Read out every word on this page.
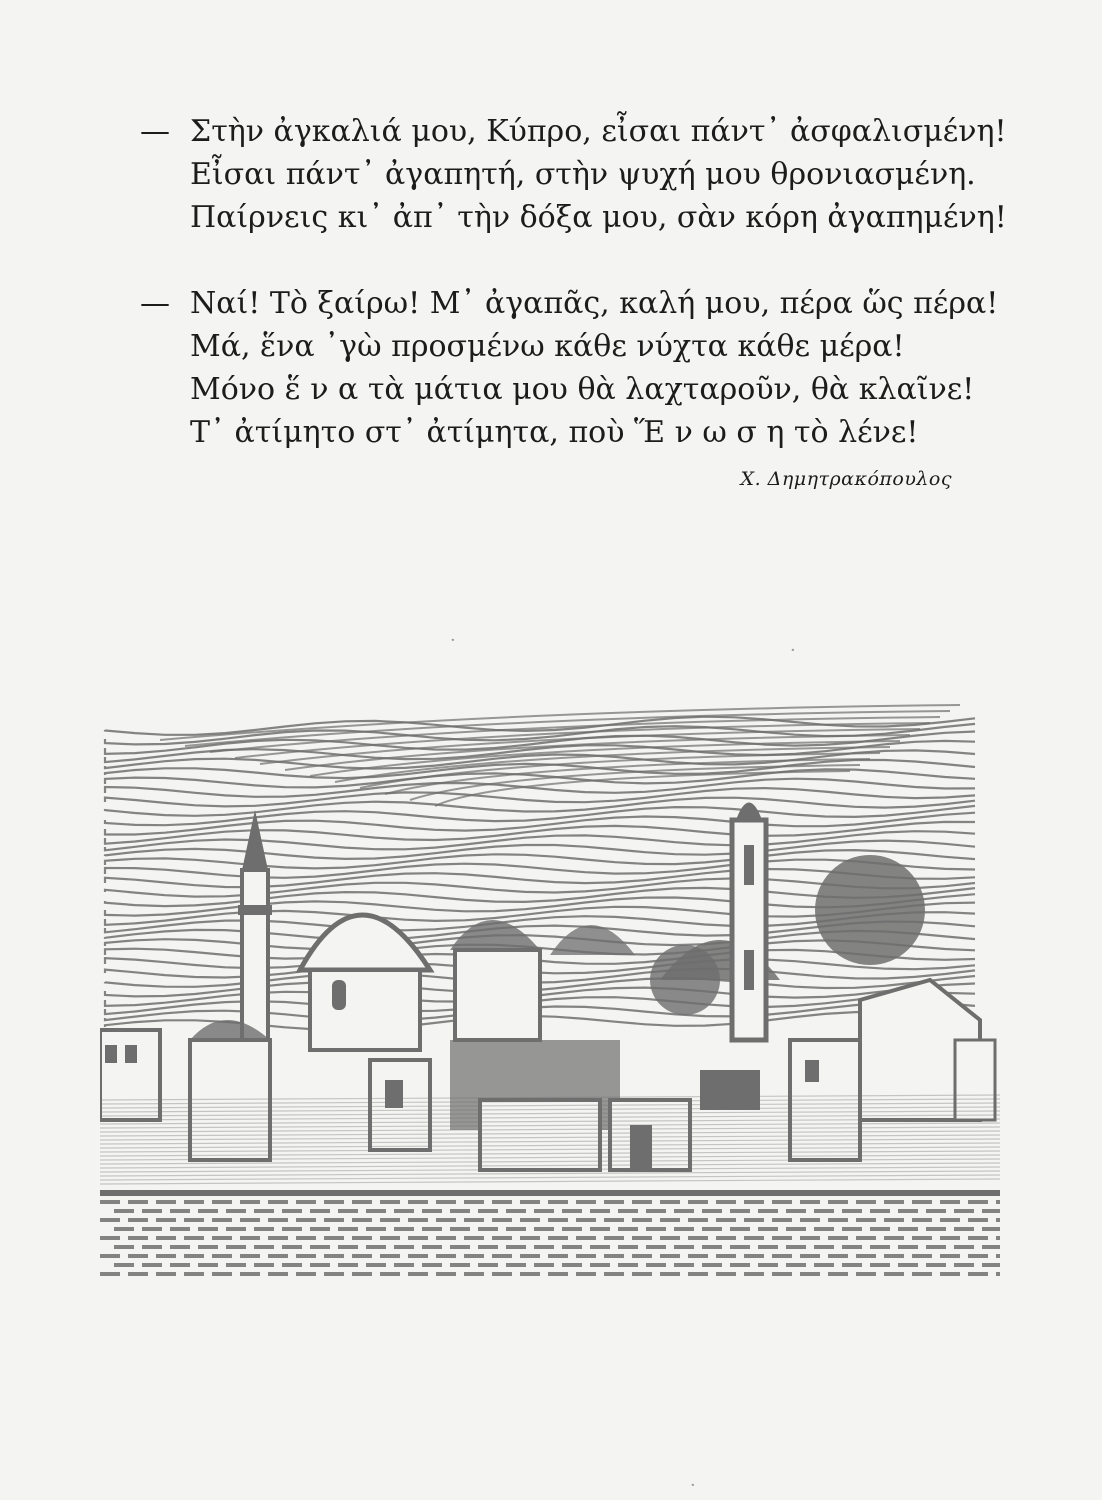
— Στὴν ἀγκαλιά μου, Κύπρο, εἶσαι πάντ᾿ ἀσφαλισμένη!
Εἶσαι πάντ᾿ ἀγαπητή, στὴν ψυχή μου θρονιασμένη.
Παίρνεις κι᾿ ἀπ᾿ τὴν δόξα μου, σὰν κόρη ἀγαπημένη!
— Ναί! Τὸ ξαίρω! Μ᾿ ἀγαπᾶς, καλή μου, πέρα ὥς πέρα!
Μά, ἕνα ᾿γὼ προσμένω κάθε νύχτα κάθε μέρα!
Μόνο ἕ ν α τὰ μάτια μου θὰ λαχταροῦν, θὰ κλαῖνε!
Τ᾿ ἀτίμητο στ᾿ ἀτίμητα, ποὺ Ἕ ν ω σ η τὸ λένε!
Χ. Δημητρακόπουλος
·
·
·
